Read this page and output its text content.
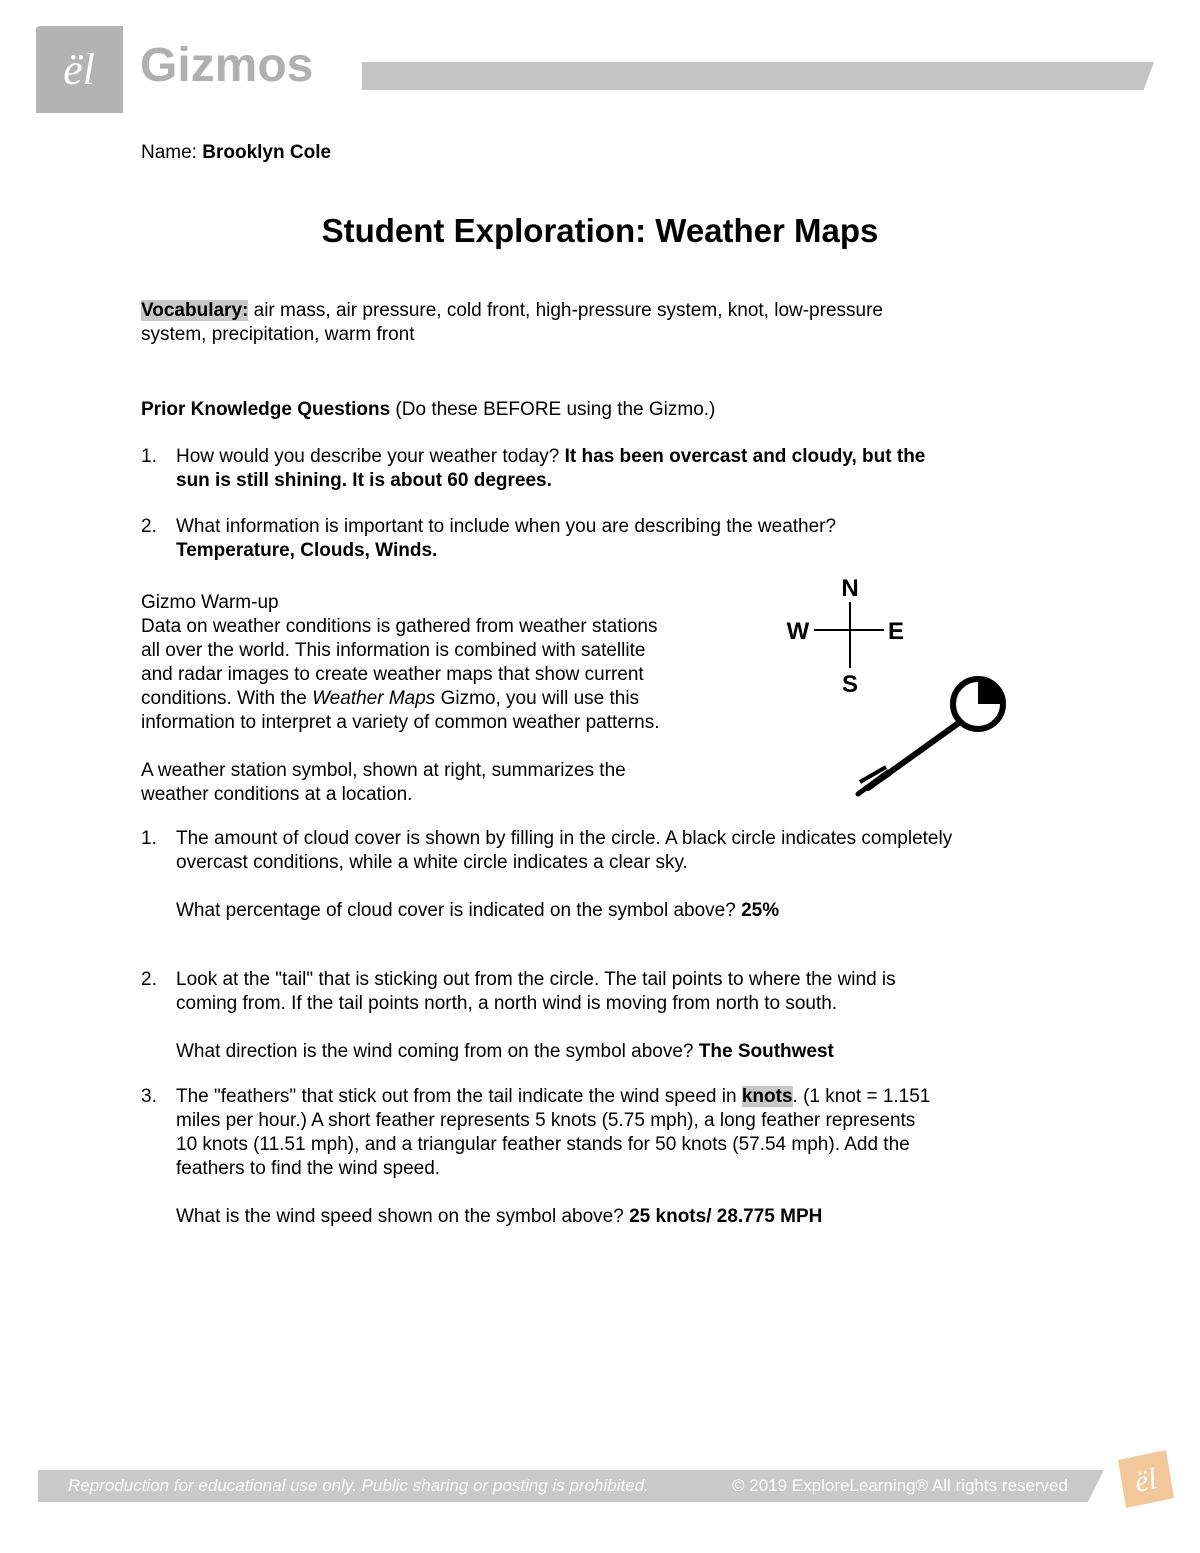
ël Gizmos
Name: Brooklyn Cole
Student Exploration: Weather Maps
Vocabulary: air mass, air pressure, cold front, high-pressure system, knot, low-pressure
system, precipitation, warm front
Prior Knowledge Questions (Do these BEFORE using the Gizmo.)
1.	How would you describe your weather today? It has been overcast and cloudy, but the
sun is still shining. It is about 60 degrees.
2.	What information is important to include when you are describing the weather?
Temperature, Clouds, Winds.
Gizmo Warm-up
Data on weather conditions is gathered from weather stations
all over the world. This information is combined with satellite
and radar images to create weather maps that show current
conditions. With the Weather Maps Gizmo, you will use this
information to interpret a variety of common weather patterns.
A weather station symbol, shown at right, summarizes the
weather conditions at a location.
N
S
W	E
1.	The amount of cloud cover is shown by filling in the circle. A black circle indicates completely
overcast conditions, while a white circle indicates a clear sky.
What percentage of cloud cover is indicated on the symbol above? 25%
2.	Look at the "tail" that is sticking out from the circle. The tail points to where the wind is
coming from. If the tail points north, a north wind is moving from north to south.
What direction is the wind coming from on the symbol above? The Southwest
3.	The "feathers" that stick out from the tail indicate the wind speed in knots. (1 knot = 1.151
miles per hour.) A short feather represents 5 knots (5.75 mph), a long feather represents
10 knots (11.51 mph), and a triangular feather stands for 50 knots (57.54 mph). Add the
feathers to find the wind speed.
What is the wind speed shown on the symbol above? 25 knots/ 28.775 MPH
Reproduction for educational use only. Public sharing or posting is prohibited.	© 2019 ExploreLearning® All rights reserved ël
